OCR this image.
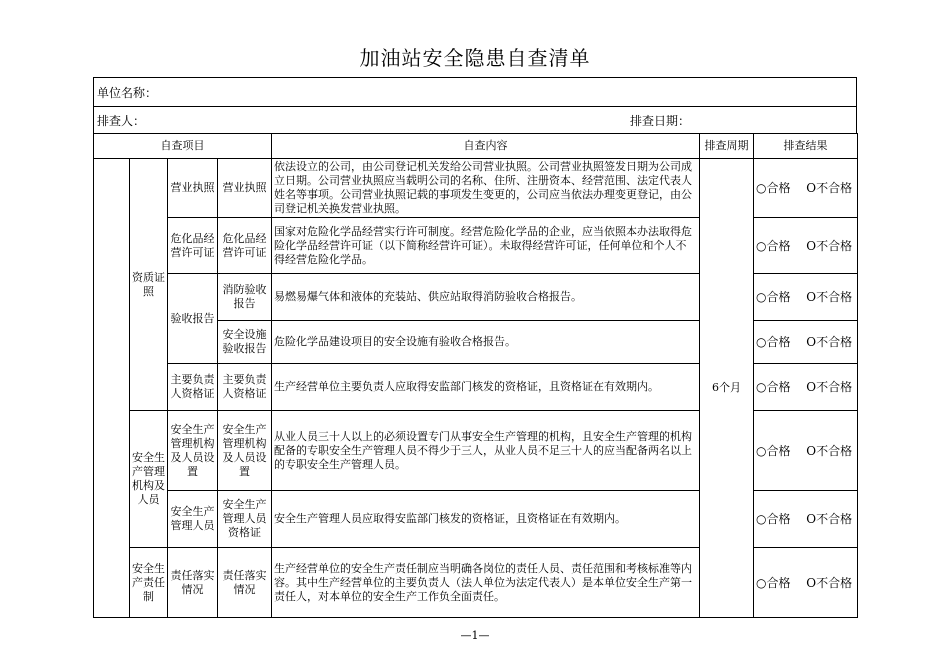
加油站安全隐患自查清单
单位名称：
排查人：	排查日期：
自查项目				自查内容	排查周期	排查结果
	资质证照	营业执照	营业执照	依法设立的公司，由公司登记机关发给公司营业执照。公司营业执照签发日期为公司成立日期。公司营业执照应当载明公司的名称、住所、注册资本、经营范围、法定代表人姓名等事项。公司营业执照记载的事项发生变更的，公司应当依法办理变更登记，由公司登记机关换发营业执照。	6个月	○合格　 O不合格
		危化品经营许可证	危化品经营许可证	国家对危险化学品经营实行许可制度。经营危险化学品的企业，应当依照本办法取得危险化学品经营许可证（以下简称经营许可证）。未取得经营许可证，任何单位和个人不得经营危险化学品。		○合格　 O不合格
		验收报告	消防验收报告	易燃易爆气体和液体的充装站、供应站取得消防验收合格报告。		○合格　 O不合格
			安全设施验收报告	危险化学品建设项目的安全设施有验收合格报告。		○合格　 O不合格
		主要负责人资格证	主要负责人资格证	生产经营单位主要负责人应取得安监部门核发的资格证，且资格证在有效期内。		○合格　 O不合格
	安全生产管理机构及人员	安全生产管理机构及人员设置	安全生产管理机构及人员设置	从业人员三十人以上的必须设置专门从事安全生产管理的机构，且安全生产管理的机构配备的专职安全生产管理人员不得少于三人，从业人员不足三十人的应当配备两名以上的专职安全生产管理人员。		○合格　 O不合格
		安全生产管理人员	安全生产管理人员资格证	安全生产管理人员应取得安监部门核发的资格证，且资格证在有效期内。		○合格　 O不合格
	安全生产责任制	责任落实情况	责任落实情况	生产经营单位的安全生产责任制应当明确各岗位的责任人员、责任范围和考核标准等内容。其中生产经营单位的主要负责人（法人单位为法定代表人）是本单位安全生产第一责任人，对本单位的安全生产工作负全面责任。		○合格　 O不合格
—1—
